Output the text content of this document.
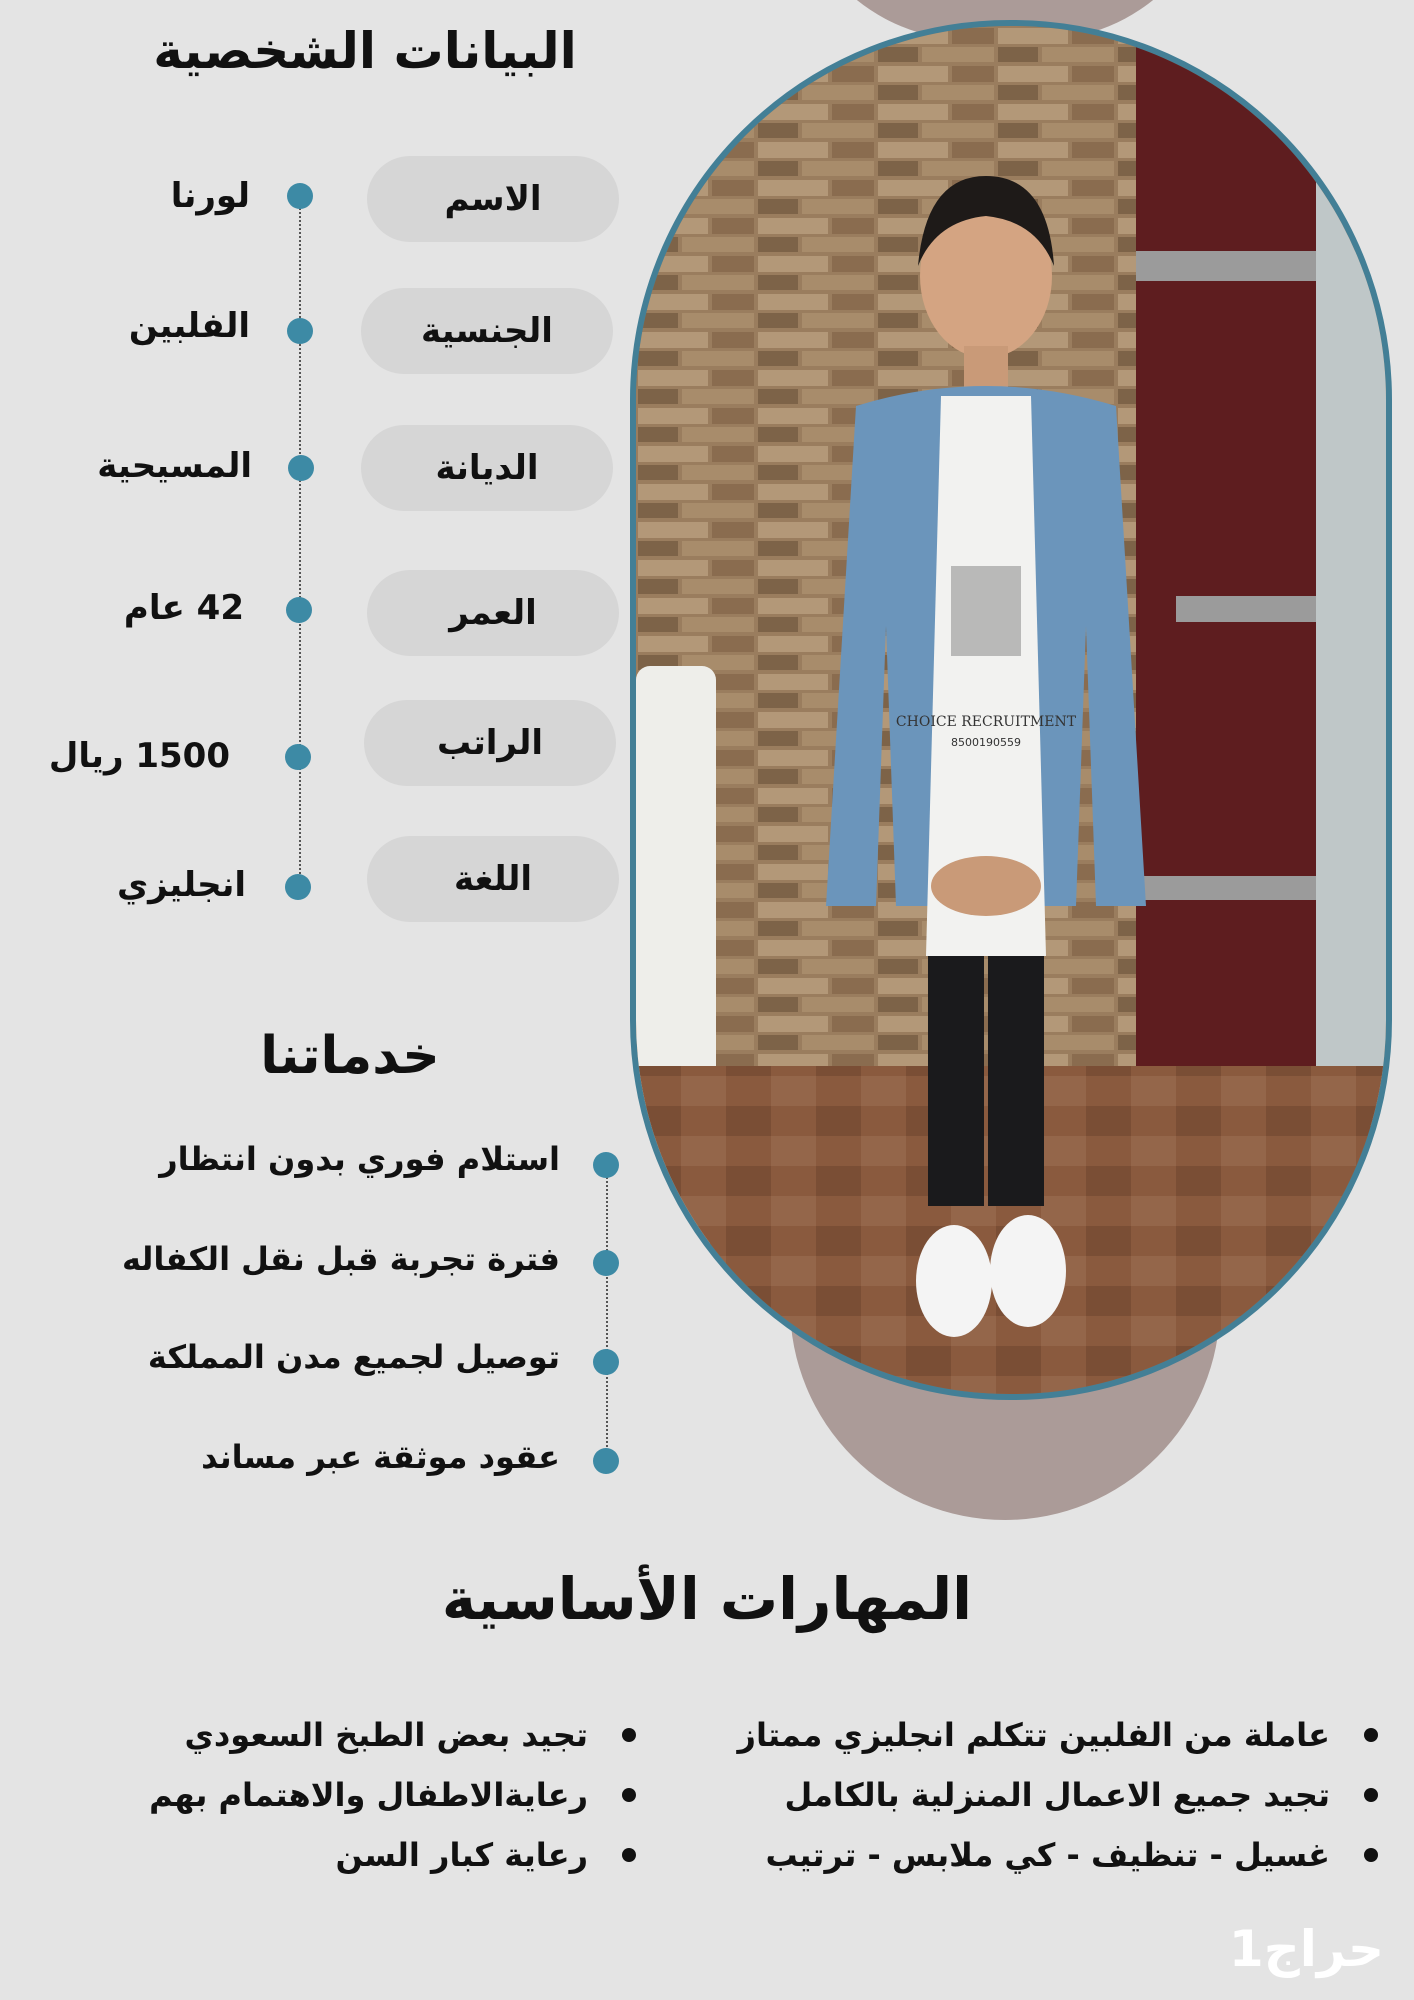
CHOICE RECRUITMENT
8500190559
البيانات الشخصية
الاسم
لورنا
الجنسية
الفلبين
الديانة
المسيحية
العمر
42 عام
الراتب
1500 ريال
اللغة
انجليزي
خدماتنا
استلام فوري بدون انتظار
فترة تجربة قبل نقل الكفاله
توصيل لجميع مدن المملكة
عقود موثقة عبر مساند
المهارات الأساسية
عاملة من الفلبين تتكلم انجليزي ممتاز
تجيد جميع الاعمال المنزلية بالكامل
غسيل - تنظيف - كي ملابس - ترتيب
تجيد بعض الطبخ السعودي
رعايةالاطفال والاهتمام بهم
رعاية كبار السن
حراج1
